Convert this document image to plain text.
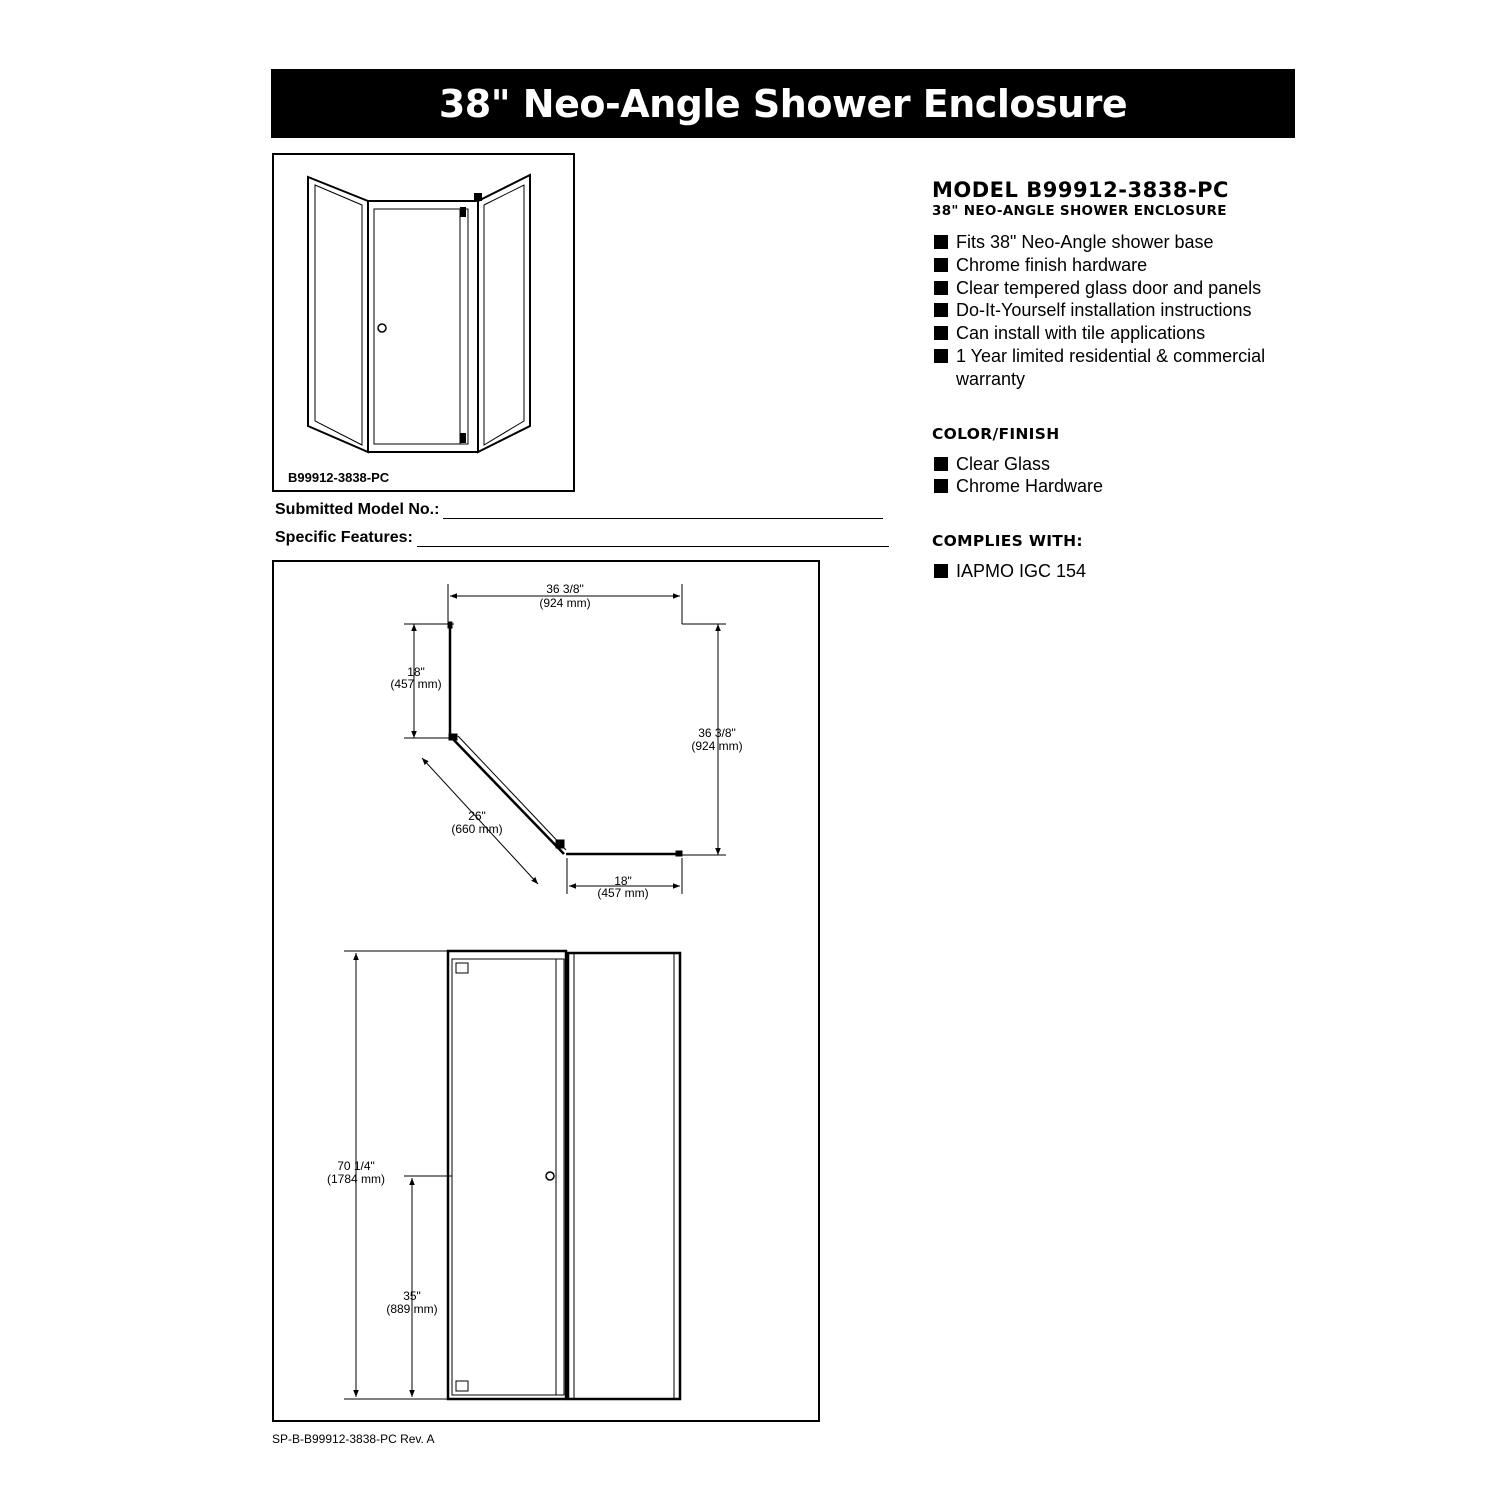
38" Neo-Angle Shower Enclosure
B99912-3838-PC
Submitted Model No.:
Specific Features:
36 3/8"
(924 mm)
18"
(457 mm)
36 3/8"
(924 mm)
26"
(660 mm)
18"
(457 mm)
70 1/4"
(1784 mm)
35"
(889 mm)
SP-B-B99912-3838-PC Rev. A
MODEL B99912-3838-PC
38" NEO-ANGLE SHOWER ENCLOSURE
Fits 38" Neo-Angle shower base
Chrome finish hardware
Clear tempered glass door and panels
Do-It-Yourself installation instructions
Can install with tile applications
1 Year limited residential & commercial warranty
COLOR/FINISH
Clear Glass
Chrome Hardware
COMPLIES WITH:
IAPMO IGC 154
